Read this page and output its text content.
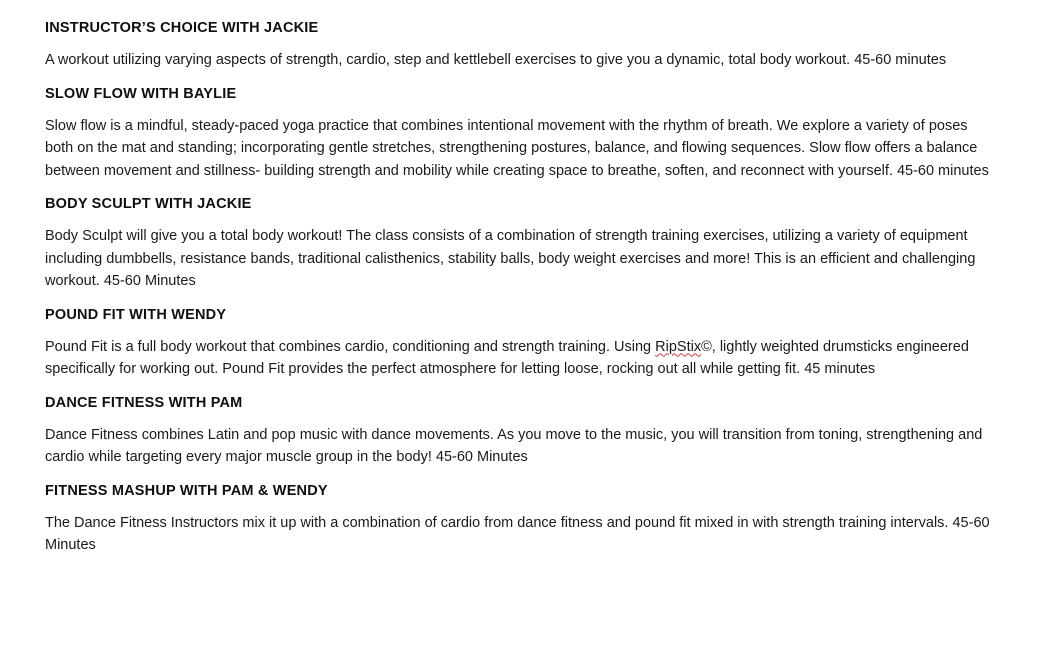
INSTRUCTOR’S CHOICE WITH JACKIE

A workout utilizing varying aspects of strength, cardio, step and kettlebell exercises to give you a dynamic, total body workout. 45-60 minutes

SLOW FLOW WITH BAYLIE

Slow flow is a mindful, steady-paced yoga practice that combines intentional movement with the rhythm of breath. We explore a variety of poses both on the mat and standing; incorporating gentle stretches, strengthening postures, balance, and flowing sequences. Slow flow offers a balance between movement and stillness- building strength and mobility while creating space to breathe, soften, and reconnect with yourself. 45-60 minutes

BODY SCULPT WITH JACKIE

Body Sculpt will give you a total body workout! The class consists of a combination of strength training exercises, utilizing a variety of equipment including dumbbells, resistance bands, traditional calisthenics, stability balls, body weight exercises and more! This is an efficient and challenging workout. 45-60 Minutes

POUND FIT WITH WENDY

Pound Fit is a full body workout that combines cardio, conditioning and strength training. Using RipStix©, lightly weighted drumsticks engineered specifically for working out. Pound Fit provides the perfect atmosphere for letting loose, rocking out all while getting fit. 45 minutes

DANCE FITNESS WITH PAM

Dance Fitness combines Latin and pop music with dance movements. As you move to the music, you will transition from toning, strengthening and cardio while targeting every major muscle group in the body! 45-60 Minutes

FITNESS MASHUP WITH PAM & WENDY

The Dance Fitness Instructors mix it up with a combination of cardio from dance fitness and pound fit mixed in with strength training intervals. 45-60 Minutes
